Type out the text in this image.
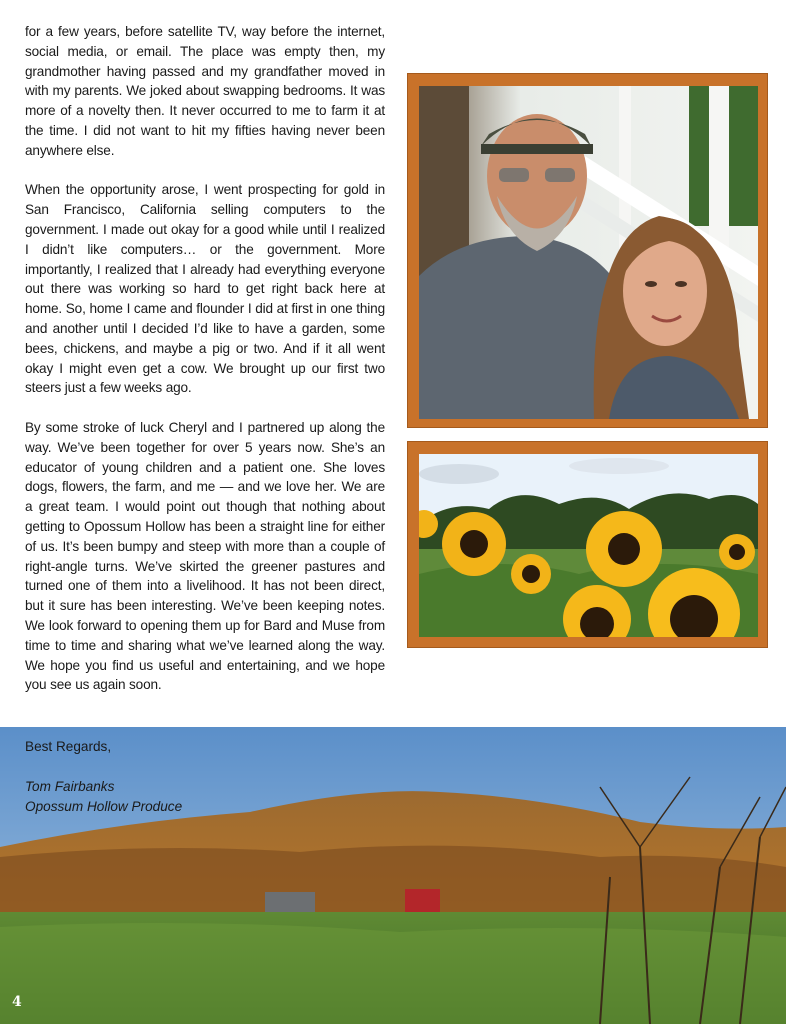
for a few years, before satellite TV, way before the internet, social media, or email. The place was empty then, my grandmother having passed and my grandfather moved in with my parents. We joked about swapping bedrooms. It was more of a novelty then. It never occurred to me to farm it at the time. I did not want to hit my fifties having never been anywhere else.

When the opportunity arose, I went prospecting for gold in San Francisco, California selling computers to the government. I made out okay for a good while until I realized I didn’t like computers… or the government. More importantly, I realized that I already had everything everyone out there was working so hard to get right back here at home. So, home I came and flounder I did at first in one thing and another until I decided I’d like to have a garden, some bees, chickens, and maybe a pig or two. And if it all went okay I might even get a cow. We brought up our first two steers just a few weeks ago.

By some stroke of luck Cheryl and I partnered up along the way. We’ve been together for over 5 years now. She’s an educator of young children and a patient one. She loves dogs, flowers, the farm, and me — and we love her. We are a great team. I would point out though that nothing about getting to Opossum Hollow has been a straight line for either of us. It’s been bumpy and steep with more than a couple of right-angle turns. We’ve skirted the greener pastures and turned one of them into a livelihood. It has not been direct, but it sure has been interesting. We’ve been keeping notes. We look forward to opening them up for Bard and Muse from time to time and sharing what we’ve learned along the way. We hope you find us useful and entertaining, and we hope you see us again soon.

Best Regards,
Tom Fairbanks
Opossum Hollow Produce
4
